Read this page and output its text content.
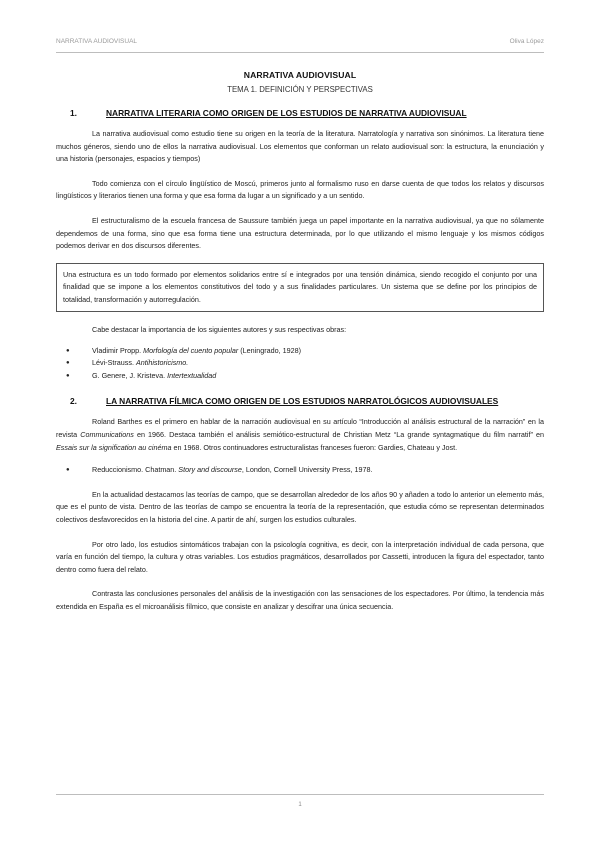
NARRATIVA AUDIOVISUAL	Oliva López
NARRATIVA AUDIOVISUAL
TEMA 1. DEFINICIÓN Y PERSPECTIVAS
1.	NARRATIVA LITERARIA COMO ORIGEN DE LOS ESTUDIOS DE NARRATIVA AUDIOVISUAL

La narrativa audiovisual como estudio tiene su origen en la teoría de la literatura. Narratología y narrativa son sinónimos. La literatura tiene muchos géneros, siendo uno de ellos la narrativa audiovisual. Los elementos que conforman un relato audiovisual son: la estructura, la enunciación y una historia (personajes, espacios y tiempos)

Todo comienza con el círculo lingüístico de Moscú, primeros junto al formalismo ruso en darse cuenta de que todos los relatos y discursos lingüísticos y literarios tienen una forma y que esa forma da lugar a un significado y a un sentido.

El estructuralismo de la escuela francesa de Saussure también juega un papel importante en la narrativa audiovisual, ya que no sólamente dependemos de una forma, sino que esa forma tiene una estructura determinada, por lo que utilizando el mismo lenguaje y los mismos códigos podemos derivar en dos discursos diferentes.

Una estructura es un todo formado por elementos solidarios entre sí e integrados por una tensión dinámica, siendo recogido el conjunto por una finalidad que se impone a los elementos constitutivos del todo y a sus finalidades particulares. Un sistema que se define por los principios de totalidad, transformación y autorregulación.

Cabe destacar la importancia de los siguientes autores y sus respectivas obras:

● Vladimir Propp. Morfología del cuento popular (Leningrado, 1928)
● Lévi-Strauss. Antihistoricismo.
● G. Genere, J. Kristeva. Intertextualidad
2.	LA NARRATIVA FÍLMICA COMO ORIGEN DE LOS ESTUDIOS NARRATOLÓGICOS AUDIOVISUALES

Roland Barthes es el primero en hablar de la narración audiovisual en su artículo “Introducción al análisis estructural de la narración” en la revista Communications en 1966. Destaca también el análisis semiótico-estructural de Christian Metz “La grande syntagmatique du film narratif” en Essais sur la signification au cinéma en 1968. Otros continuadores estructuralistas franceses fueron: Gardies, Chateau y Jost.

● Reduccionismo. Chatman. Story and discourse, London, Cornell University Press, 1978.

En la actualidad destacamos las teorías de campo, que se desarrollan alrededor de los años 90 y añaden a todo lo anterior un elemento más, que es el punto de vista. Dentro de las teorías de campo se encuentra la teoría de la representación, que estudia cómo se representan determinados colectivos desfavorecidos en la historia del cine. A partir de ahí, surgen los estudios culturales.

Por otro lado, los estudios sintomáticos trabajan con la psicología cognitiva, es decir, con la interpretación individual de cada persona, que varía en función del tiempo, la cultura y otras variables. Los estudios pragmáticos, desarrollados por Cassetti, introducen la figura del espectador, tanto dentro como fuera del relato.

Contrasta las conclusiones personales del análisis de la investigación con las sensaciones de los espectadores. Por último, la tendencia más extendida en España es el microanálisis fílmico, que consiste en analizar y descifrar una única secuencia.

1
